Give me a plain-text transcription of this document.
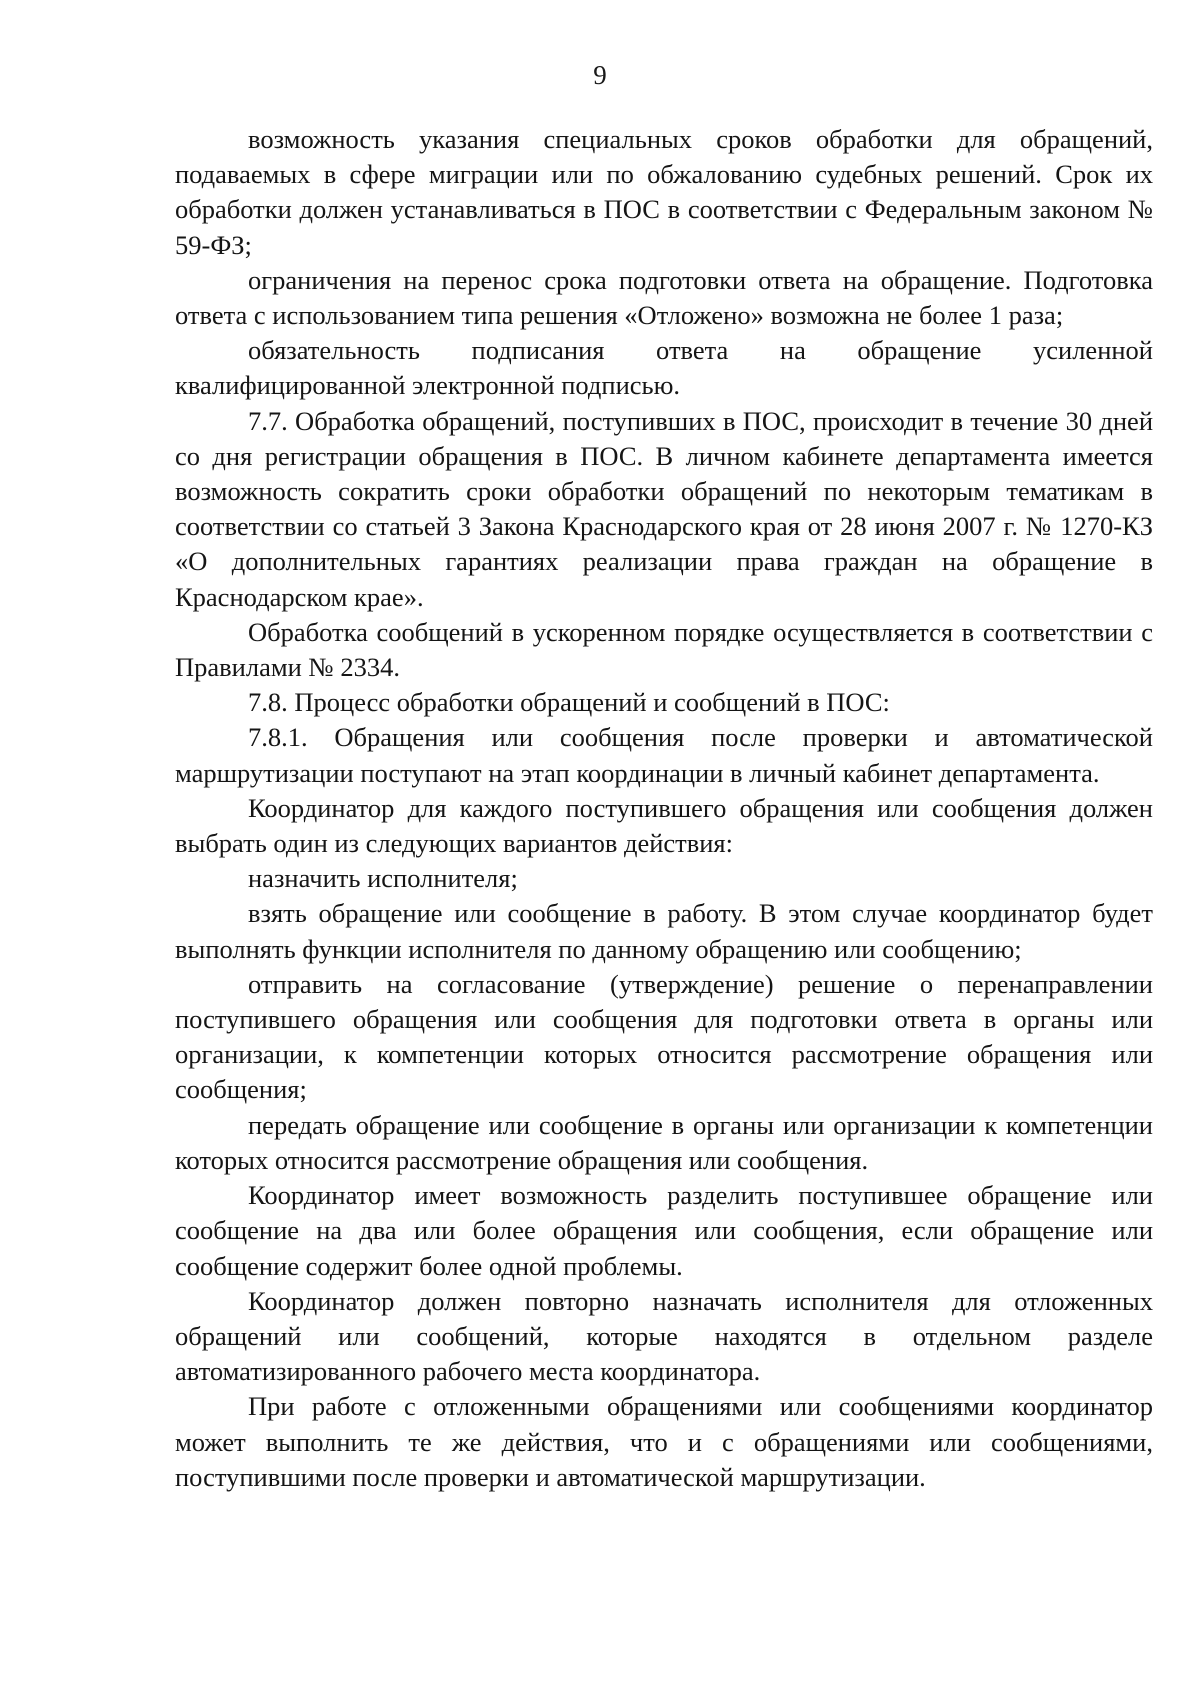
9

возможность указания специальных сроков обработки для обращений, подаваемых в сфере миграции или по обжалованию судебных решений. Срок их обработки должен устанавливаться в ПОС в соответствии с Федеральным законом № 59-ФЗ;

ограничения на перенос срока подготовки ответа на обращение. Подготовка ответа с использованием типа решения «Отложено» возможна не более 1 раза;

обязательность подписания ответа на обращение усиленной квалифицированной электронной подписью.

7.7. Обработка обращений, поступивших в ПОС, происходит в течение 30 дней со дня регистрации обращения в ПОС. В личном кабинете департамента имеется возможность сократить сроки обработки обращений по некоторым тематикам в соответствии со статьей 3 Закона Краснодарского края от 28 июня 2007 г. № 1270-КЗ «О дополнительных гарантиях реализации права граждан на обращение в Краснодарском крае».

Обработка сообщений в ускоренном порядке осуществляется в соответствии с Правилами № 2334.

7.8. Процесс обработки обращений и сообщений в ПОС:

7.8.1. Обращения или сообщения после проверки и автоматической маршрутизации поступают на этап координации в личный кабинет департамента.

Координатор для каждого поступившего обращения или сообщения должен выбрать один из следующих вариантов действия:

назначить исполнителя;

взять обращение или сообщение в работу. В этом случае координатор будет выполнять функции исполнителя по данному обращению или сообщению;

отправить на согласование (утверждение) решение о перенаправлении поступившего обращения или сообщения для подготовки ответа в органы или организации, к компетенции которых относится рассмотрение обращения или сообщения;

передать обращение или сообщение в органы или организации к компетенции которых относится рассмотрение обращения или сообщения.

Координатор имеет возможность разделить поступившее обращение или сообщение на два или более обращения или сообщения, если обращение или сообщение содержит более одной проблемы.

Координатор должен повторно назначать исполнителя для отложенных обращений или сообщений, которые находятся в отдельном разделе автоматизированного рабочего места координатора.

При работе с отложенными обращениями или сообщениями координатор может выполнить те же действия, что и с обращениями или сообщениями, поступившими после проверки и автоматической маршрутизации.
